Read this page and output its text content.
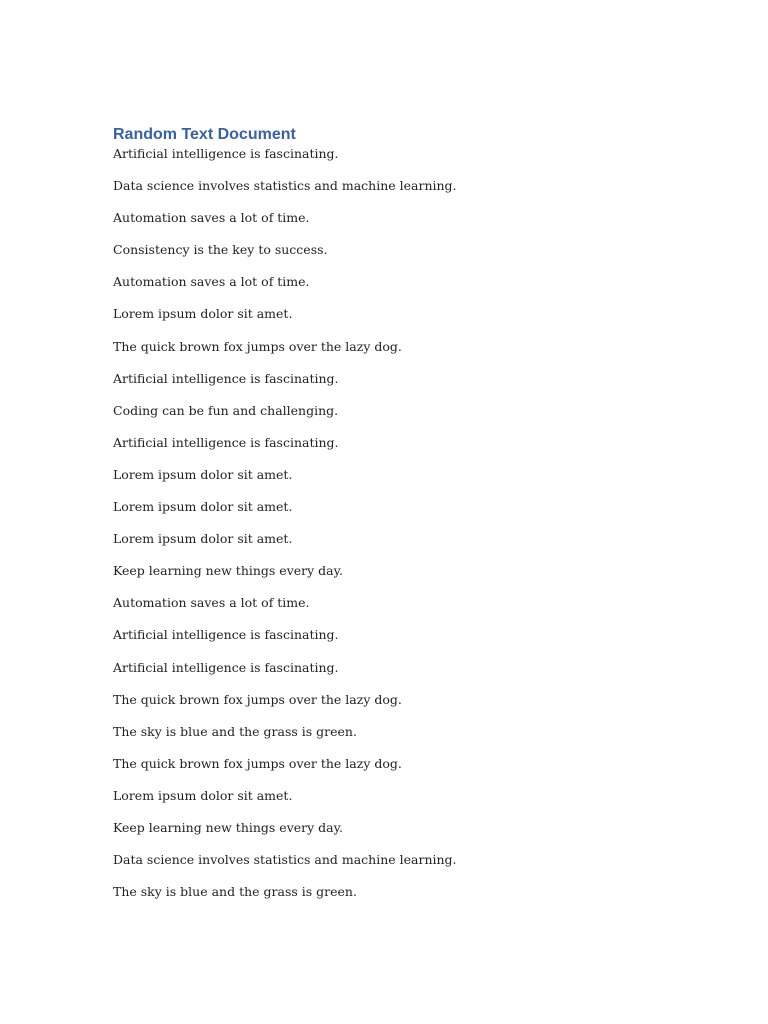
Random Text Document

Artificial intelligence is fascinating.

Data science involves statistics and machine learning.

Automation saves a lot of time.

Consistency is the key to success.

Automation saves a lot of time.

Lorem ipsum dolor sit amet.

The quick brown fox jumps over the lazy dog.

Artificial intelligence is fascinating.

Coding can be fun and challenging.

Artificial intelligence is fascinating.

Lorem ipsum dolor sit amet.

Lorem ipsum dolor sit amet.

Lorem ipsum dolor sit amet.

Keep learning new things every day.

Automation saves a lot of time.

Artificial intelligence is fascinating.

Artificial intelligence is fascinating.

The quick brown fox jumps over the lazy dog.

The sky is blue and the grass is green.

The quick brown fox jumps over the lazy dog.

Lorem ipsum dolor sit amet.

Keep learning new things every day.

Data science involves statistics and machine learning.

The sky is blue and the grass is green.
